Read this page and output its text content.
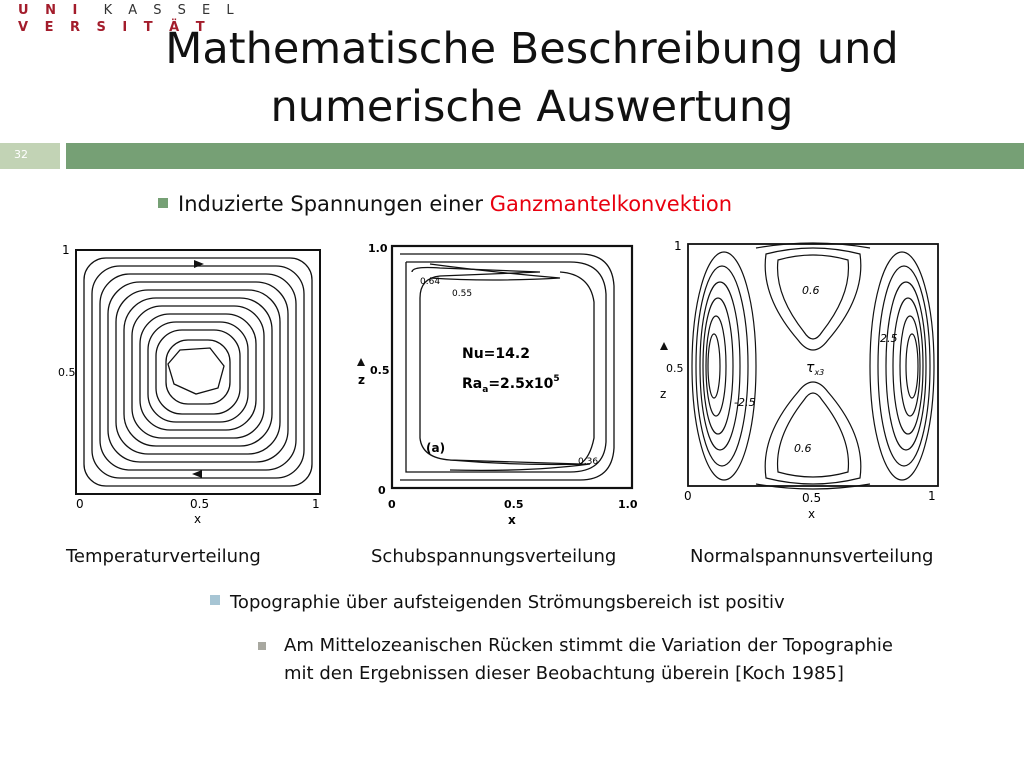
U N I K A S S E L
V E R S I T Ä T
Mathematische Beschreibung und
numerische Auswertung
32
Induzierte Spannungen einer Ganzmantelkonvektion
1
0.5
0	0.5	1
x
Nu=14.2
$Ra_a=2.5x10^5$
(a)
0.64
0.55
0.36
1.0
0.5
0
z
0	0.5	1.0
x
0.6
0.6
-2.5
2.5
$\tau_{x3}$
1
0.5
z
0	0.5	1
x
Temperaturverteilung	Schubspannungsverteilung	Normalspannunsverteilung
Topographie über aufsteigenden Strömungsbereich ist positiv
Am Mittelozeanischen Rücken stimmt die Variation der Topographie mit den Ergebnissen dieser Beobachtung überein [Koch 1985]
